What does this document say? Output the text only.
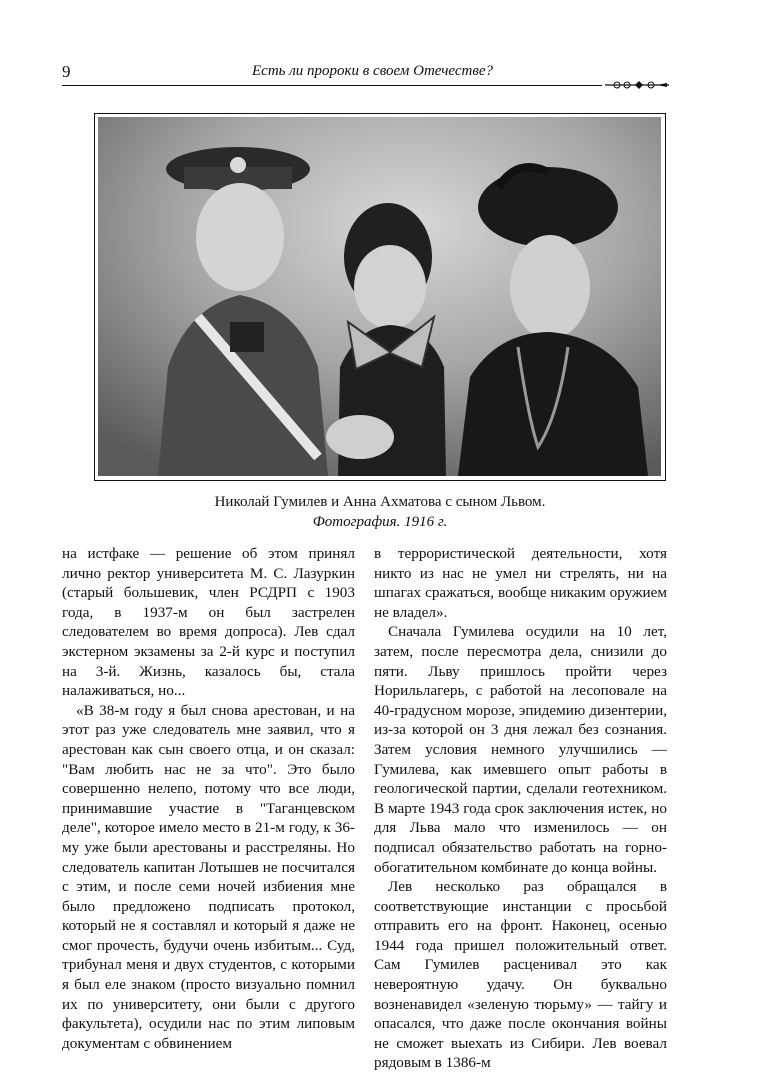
9	Есть ли пророки в своем Отечестве?
Николай Гумилев и Анна Ахматова с сыном Львом.
Фотография. 1916 г.

на истфаке — решение об этом принял лично ректор университета М. С. Лазуркин (старый большевик, член РСДРП с 1903 года, в 1937-м он был застрелен следователем во время допроса). Лев сдал экстерном экзамены за 2-й курс и поступил на 3-й. Жизнь, казалось бы, стала налаживаться, но...

«В 38-м году я был снова арестован, и на этот раз уже следователь мне заявил, что я арестован как сын своего отца, и он сказал: "Вам любить нас не за что". Это было совершенно нелепо, потому что все люди, принимавшие участие в "Таганцевском деле", которое имело место в 21-м году, к 36-му уже были арестованы и расстреляны. Но следователь капитан Лотышев не посчитался с этим, и после семи ночей избиения мне было предложено подписать протокол, который не я составлял и который я даже не смог прочесть, будучи очень избитым... Суд, трибунал меня и двух студентов, с которыми я был еле знаком (просто визуально помнил их по университету, они были с другого факультета), осудили нас по этим липовым документам с обвинением

в террористической деятельности, хотя никто из нас не умел ни стрелять, ни на шпагах сражаться, вообще никаким оружием не владел».

Сначала Гумилева осудили на 10 лет, затем, после пересмотра дела, снизили до пяти. Льву пришлось пройти через Норильлагерь, с работой на лесоповале на 40-градусном морозе, эпидемию дизентерии, из-за которой он 3 дня лежал без сознания. Затем условия немного улучшились — Гумилева, как имевшего опыт работы в геологической партии, сделали геотехником. В марте 1943 года срок заключения истек, но для Льва мало что изменилось — он подписал обязательство работать на горно-обогатительном комбинате до конца войны.

Лев несколько раз обращался в соответствующие инстанции с просьбой отправить его на фронт. Наконец, осенью 1944 года пришел положительный ответ. Сам Гумилев расценивал это как невероятную удачу. Он буквально возненавидел «зеленую тюрьму» — тайгу и опасался, что даже после окончания войны не сможет выехать из Сибири. Лев воевал рядовым в 1386-м
